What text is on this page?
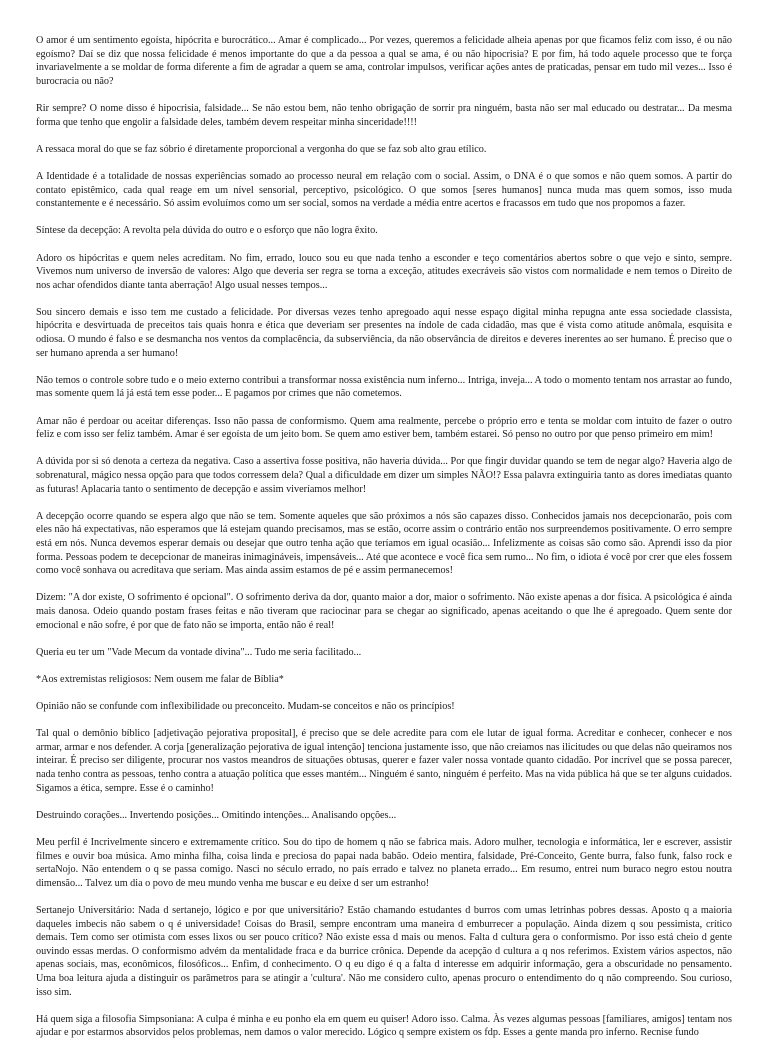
O amor é um sentimento egoísta, hipócrita e burocrático... Amar é complicado... Por vezes, queremos a felicidade alheia apenas por que ficamos feliz com isso, é ou não egoísmo? Daí se diz que nossa felicidade é menos importante do que a da pessoa a qual se ama, é ou não hipocrisia? E por fim, há todo aquele processo que te força invariavelmente a se moldar de forma diferente a fim de agradar a quem se ama, controlar impulsos, verificar ações antes de praticadas, pensar em tudo mil vezes... Isso é burocracia ou não?

Rir sempre? O nome disso é hipocrisia, falsidade... Se não estou bem, não tenho obrigação de sorrir pra ninguém, basta não ser mal educado ou destratar... Da mesma forma que tenho que engolir a falsidade deles, também devem respeitar minha sinceridade!!!!

A ressaca moral do que se faz sóbrio é diretamente proporcional a vergonha do que se faz sob alto grau etílico.

A Identidade é a totalidade de nossas experiências somado ao processo neural em relação com o social. Assim, o DNA é o que somos e não quem somos. A partir do contato epistêmico, cada qual reage em um nível sensorial, perceptivo, psicológico. O que somos [seres humanos] nunca muda mas quem somos, isso muda constantemente e é necessário. Só assim evoluímos como um ser social, somos na verdade a média entre acertos e fracassos em tudo que nos propomos a fazer.

Síntese da decepção: A revolta pela dúvida do outro e o esforço que não logra êxito.

Adoro os hipócritas e quem neles acreditam. No fim, errado, louco sou eu que nada tenho a esconder e teço comentários abertos sobre o que vejo e sinto, sempre. Vivemos num universo de inversão de valores: Algo que deveria ser regra se torna a exceção, atitudes execráveis são vistos com normalidade e nem temos o Direito de nos achar ofendidos diante tanta aberração! Algo usual nesses tempos...

Sou sincero demais e isso tem me custado a felicidade. Por diversas vezes tenho apregoado aqui nesse espaço digital minha repugna ante essa sociedade classista, hipócrita e desvirtuada de preceitos tais quais honra e ética que deveriam ser presentes na índole de cada cidadão, mas que é vista como atitude anômala, esquisita e odiosa. O mundo é falso e se desmancha nos ventos da complacência, da subserviência, da não observância de direitos e deveres inerentes ao ser humano. É preciso que o ser humano aprenda a ser humano!

Não temos o controle sobre tudo e o meio externo contribui a transformar nossa existência num inferno... Intriga, inveja... A todo o momento tentam nos arrastar ao fundo, mas somente quem lá já está tem esse poder... E pagamos por crimes que não cometemos.

Amar não é perdoar ou aceitar diferenças. Isso não passa de conformismo. Quem ama realmente, percebe o próprio erro e tenta se moldar com intuito de fazer o outro feliz e com isso ser feliz também. Amar é ser egoísta de um jeito bom. Se quem amo estiver bem, também estarei. Só penso no outro por que penso primeiro em mim!

A dúvida por si só denota a certeza da negativa. Caso a assertiva fosse positiva, não haveria dúvida... Por que fingir duvidar quando se tem de negar algo? Haveria algo de sobrenatural, mágico nessa opção para que todos corressem dela? Qual a dificuldade em dizer um simples NÃO!? Essa palavra extinguiria tanto as dores imediatas quanto as futuras! Aplacaria tanto o sentimento de decepção e assim viveríamos melhor!

A decepção ocorre quando se espera algo que não se tem. Somente aqueles que são próximos a nós são capazes disso. Conhecidos jamais nos decepcionarão, pois com eles não há expectativas, não esperamos que lá estejam quando precisamos, mas se estão, ocorre assim o contrário então nos surpreendemos positivamente. O erro sempre está em nós. Nunca devemos esperar demais ou desejar que outro tenha ação que teríamos em igual ocasião... Infelizmente as coisas são como são. Aprendi isso da pior forma. Pessoas podem te decepcionar de maneiras inimagináveis, impensáveis... Até que acontece e você fica sem rumo... No fim, o idiota é você por crer que eles fossem como você sonhava ou acreditava que seriam. Mas ainda assim estamos de pé e assim permanecemos!

Dizem: "A dor existe, O sofrimento é opcional". O sofrimento deriva da dor, quanto maior a dor, maior o sofrimento. Não existe apenas a dor física. A psicológica é ainda mais danosa. Odeio quando postam frases feitas e não tiveram que raciocinar para se chegar ao significado, apenas aceitando o que lhe é apregoado. Quem sente dor emocional e não sofre, é por que de fato não se importa, então não é real!

Queria eu ter um "Vade Mecum da vontade divina"... Tudo me seria facilitado...

*Aos extremistas religiosos: Nem ousem me falar de Bíblia*

Opinião não se confunde com inflexibilidade ou preconceito. Mudam-se conceitos e não os princípios!

Tal qual o demônio bíblico [adjetivação pejorativa proposital], é preciso que se dele acredite para com ele lutar de igual forma. Acreditar e conhecer, conhecer e nos armar, armar e nos defender. A corja [generalização pejorativa de igual intenção] tenciona justamente isso, que não creiamos nas ilicitudes ou que delas não queiramos nos inteirar. É preciso ser diligente, procurar nos vastos meandros de situações obtusas, querer e fazer valer nossa vontade quanto cidadão. Por incrível que se possa parecer, nada tenho contra as pessoas, tenho contra a atuação política que esses mantém... Ninguém é santo, ninguém é perfeito. Mas na vida pública há que se ter alguns cuidados. Sigamos a ética, sempre. Esse é o caminho!

Destruindo corações... Invertendo posições... Omitindo intenções... Analisando opções...

Meu perfil é Incrivelmente sincero e extremamente crítico. Sou do tipo de homem q não se fabrica mais. Adoro mulher, tecnologia e informática, ler e escrever, assistir filmes e ouvir boa música. Amo minha filha, coisa linda e preciosa do papai nada babão. Odeio mentira, falsidade, Pré-Conceito, Gente burra, falso funk, falso rock e sertaNojo. Não entendem o q se passa comigo. Nasci no século errado, no país errado e talvez no planeta errado... Em resumo, entrei num buraco negro estou noutra dimensão... Talvez um dia o povo de meu mundo venha me buscar e eu deixe d ser um estranho!

Sertanejo Universitário: Nada d sertanejo, lógico e por que universitário? Estão chamando estudantes d burros com umas letrinhas pobres dessas. Aposto q a maioria daqueles imbecis não sabem o q é universidade! Coisas do Brasil, sempre encontram uma maneira d emburrecer a população. Ainda dizem q sou pessimista, crítico demais. Tem como ser otimista com esses lixos ou ser pouco crítico? Não existe essa d mais ou menos. Falta d cultura gera o conformismo. Por isso está cheio d gente ouvindo essas merdas. O conformismo advém da mentalidade fraca e da burrice crônica. Depende da acepção d cultura a q nos referimos. Existem vários aspectos, não apenas sociais, mas, econômicos, filosóficos... Enfim, d conhecimento. O q eu digo é q a falta d interesse em adquirir informação, gera a obscuridade no pensamento. Uma boa leitura ajuda a distinguir os parâmetros para se atingir a 'cultura'. Não me considero culto, apenas procuro o entendimento do q não compreendo. Sou curioso, isso sim.

Há quem siga a filosofia Simpsoniana: A culpa é minha e eu ponho ela em quem eu quiser! Adoro isso. Calma. Às vezes algumas pessoas [familiares, amigos] tentam nos ajudar e por estarmos absorvidos pelos problemas, nem damos o valor merecido. Lógico q sempre existem os fdp. Esses a gente manda pro inferno. Recnise fundo
